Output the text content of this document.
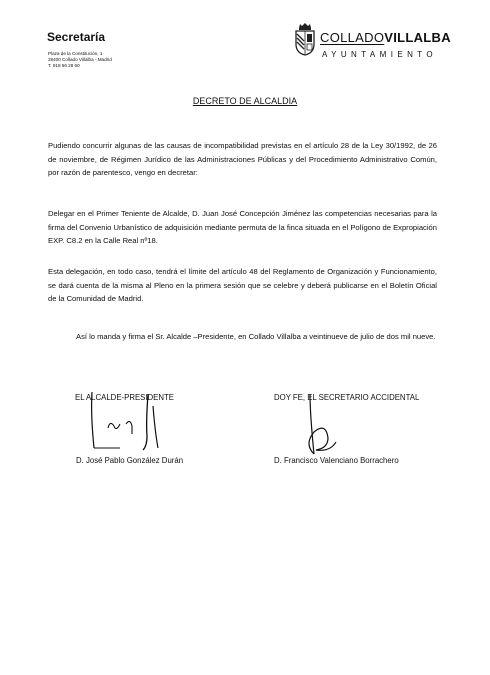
Secretaría
Plaza de la Constitución, 1
28400 Collado Villalba - Madrid
T. 918 56 28 60
COLLADOVILLALBA
AYUNTAMIENTO
DECRETO DE ALCALDIA
Pudiendo concurrir algunas de las causas de incompatibilidad previstas en el artículo 28 de la Ley 30/1992, de 26 de noviembre, de Régimen Jurídico de las Administraciones Públicas y del Procedimiento Administrativo Común, por razón de parentesco, vengo en decretar:
Delegar en el Primer Teniente de Alcalde, D. Juan José Concepción Jiménez las competencias necesarias para la firma del Convenio Urbanístico de adquisición mediante permuta de la finca situada en el Polígono de Expropiación EXP. C8.2 en la Calle Real nº18.
Esta delegación, en todo caso, tendrá el límite del artículo 48 del Reglamento de Organización y Funcionamiento, se dará cuenta de la misma al Pleno en la primera sesión que se celebre y deberá publicarse en el Boletín Oficial de la Comunidad de Madrid.
Así lo manda y firma el Sr. Alcalde –Presidente, en Collado Villalba a veintinueve de julio de dos mil nueve.
EL ALCALDE-PRESIDENTE	DOY FE, EL SECRETARIO ACCIDENTAL
D. José Pablo González Durán	D. Francisco Valenciano Borrachero
